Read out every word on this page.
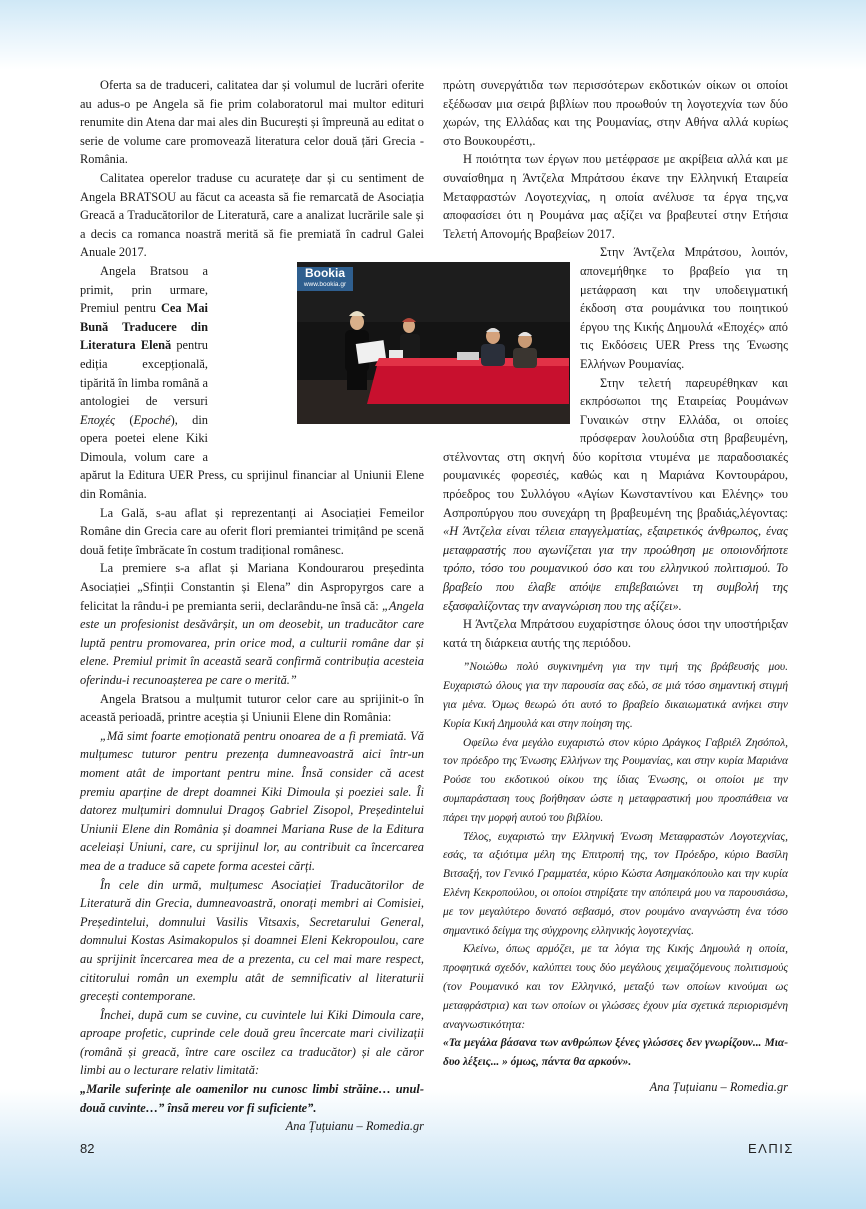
Oferta sa de traduceri, calitatea dar și volumul de lucrări oferite au adus-o pe Angela să fie prim colaboratorul mai multor edituri renumite din Atena dar mai ales din București și împreună au editat o serie de volume care promovează literatura celor două țări Grecia - România.

Calitatea operelor traduse cu acuratețe dar și cu sentiment de Angela BRATSOU au făcut ca aceasta să fie remarcată de Asociația Greacă a Traducătorilor de Literatură, care a analizat lucrările sale și a decis ca romanca noastră merită să fie premiată în cadrul Galei Anuale 2017.

Angela Bratsou a primit, prin urmare, Premiul pentru Cea Mai Bună Traducere din Literatura Elenă pentru ediția excepțională, tipărită în limba română a antologiei de versuri Εποχές (Epoché), din opera poetei elene Kiki Dimoula, volum care a apărut la Editura UER Press, cu sprijinul financiar al Uniunii Elene din România.

La Gală, s-au aflat și reprezentanți ai Asociației Femeilor Române din Grecia care au oferit flori premiantei trimițând pe scenă două fetițe îmbrăcate în costum tradițional românesc.

La premiere s-a aflat și Mariana Kondourarou președinta Asociației „Sfinții Constantin și Elena” din Aspropyrgos care a felicitat la rându-i pe premianta serii, declarându-ne însă că: „Angela este un profesionist desăvârșit, un om deosebit, un traducător care luptă pentru promovarea, prin orice mod, a culturii române dar și elene. Premiul primit în această seară confirmă contribuția acesteia oferindu-i recunoașterea pe care o merită.”

Angela Bratsou a mulțumit tuturor celor care au sprijinit-o în această perioadă, printre aceștia și Uniunii Elene din România:

„Mă simt foarte emoționată pentru onoarea de a fi premiată. Vă mulțumesc tuturor pentru prezența dumneavoastră aici într-un moment atât de important pentru mine. Însă consider că acest premiu aparține de drept doamnei Kiki Dimoula și poeziei sale. Îi datorez mulțumiri domnului Dragoș Gabriel Zisopol, Președintelui Uniunii Elene din România și doamnei Mariana Ruse de la Editura aceleiași Uniuni, care, cu sprijinul lor, au contribuit ca încercarea mea de a traduce să capete forma acestei cărți.

În cele din urmă, mulțumesc Asociației Traducătorilor de Literatură din Grecia, dumneavoastră, onorați membri ai Comisiei, Președintelui, domnului Vasilis Vitsaxis, Secretarului General, domnului Kostas Asimakopulos și doamnei Eleni Kekropoulou, care au sprijinit încercarea mea de a prezenta, cu cel mai mare respect, cititorului român un exemplu atât de semnificativ al literaturii grecești contemporane.

Închei, după cum se cuvine, cu cuvintele lui Kiki Dimoula care, aproape profetic, cuprinde cele două greu încercate mari civilizații (română și greacă, între care oscilez ca traducător) și ale căror limbi au o lecturare relativ limitată:

„Marile suferințe ale oamenilor nu cunosc limbi străine… unul-două cuvinte…” însă mereu vor fi suficiente”.

Ana Țuțuianu – Romedia.gr

πρώτη συνεργάτιδα των περισσότερων εκδοτικών οίκων οι οποίοι εξέδωσαν μια σειρά βιβλίων που προωθούν τη λογοτεχνία των δύο χωρών, της Ελλάδας και της Ρουμανίας, στην Αθήνα αλλά κυρίως στο Βουκουρέστι,.

Η ποιότητα των έργων που μετέφρασε με ακρίβεια αλλά και με συναίσθημα η Άντζελα Μπράτσου έκανε την Ελληνική Εταιρεία Μεταφραστών Λογοτεχνίας, η οποία ανέλυσε τα έργα της,να αποφασίσει ότι η Ρουμάνα μας αξίζει να βραβευτεί στην Ετήσια Τελετή Απονομής Βραβείων 2017.

Στην Άντζελα Μπράτσου, λοιπόν, απονεμήθηκε το βραβείο για τη μετάφραση και την υποδειγματική έκδοση στα ρουμάνικα του ποιητικού έργου της Κικής Δημουλά «Εποχές» από τις Εκδόσεις UER Press της Ένωσης Ελλήνων Ρουμανίας.

Στην τελετή παρευρέθηκαν και εκπρόσωποι της Εταιρείας Ρουμάνων Γυναικών στην Ελλάδα, οι οποίες πρόσφεραν λουλούδια στη βραβευμένη, στέλνοντας στη σκηνή δύο κορίτσια ντυμένα με παραδοσιακές ρουμανικές φορεσιές, καθώς και η Μαριάνα Κοντουράρου, πρόεδρος του Συλλόγου «Αγίων Κωνσταντίνου και Ελένης» του Ασπροπύργου που συνεχάρη τη βραβευμένη της βραδιάς,λέγοντας: «Η Άντζελα είναι τέλεια επαγγελματίας, εξαιρετικός άνθρωπος, ένας μεταφραστής που αγωνίζεται για την προώθηση με οποιονδήποτε τρόπο, τόσο του ρουμανικού όσο και του ελληνικού πολιτισμού. Το βραβείο που έλαβε απόψε επιβεβαιώνει τη συμβολή της εξασφαλίζοντας την αναγνώριση που της αξίζει».

Η Άντζελα Μπράτσου ευχαρίστησε όλους όσοι την υποστήριξαν κατά τη διάρκεια αυτής της περιόδου.

”Νοιώθω πολύ συγκινημένη για την τιμή της βράβευσής μου. Ευχαριστώ όλους για την παρουσία σας εδώ, σε μιά τόσο σημαντική στιγμή για μένα. Όμως θεωρώ ότι αυτό το βραβείο δικαιωματικά ανήκει στην Κυρία Κική Δημουλά και στην ποίηση της.

Οφείλω ένα μεγάλο ευχαριστώ στον κύριο Δράγκος Γαβριέλ Ζησόπολ, τον πρόεδρο της Ένωσης Ελλήνων της Ρουμανίας, και στην κυρία Μαριάνα Ρούσε του εκδοτικού οίκου της ίδιας Ένωσης, οι οποίοι με την συμπαράσταση τους βοήθησαν ώστε η μεταφραστική μου προσπάθεια να πάρει την μορφή αυτού του βιβλίου.

Τέλος, ευχαριστώ την Ελληνική Ένωση Μεταφραστών Λογοτεχνίας, εσάς, τα αξιότιμα μέλη της Επιτροπή της, τον Πρόεδρο, κύριο Βασίλη Βιτσαξή, τον Γενικό Γραμματέα, κύριο Κώστα Ασημακόπουλο και την κυρία Ελένη Κεκροπούλου, οι οποίοι στηρίξατε την απόπειρά μου να παρουσιάσω, με τον μεγαλύτερο δυνατό σεβασμό, στον ρουμάνο αναγνώστη ένα τόσο σημαντικό δείγμα της σύγχρονης ελληνικής λογοτεχνίας.

Κλείνω, όπως αρμόζει, με τα λόγια της Κικής Δημουλά η οποία, προφητικά σχεδόν, καλύπτει τους δύο μεγάλους χειμαζόμενους πολιτισμούς (τον Ρουμανικό και τον Ελληνικό, μεταξύ των οποίων κινούμαι ως μεταφράστρια) και των οποίων οι γλώσσες έχουν μία σχετικά περιορισμένη αναγνωστικότητα:

«Τα μεγάλα βάσανα των ανθρώπων ξένες γλώσσες δεν γνωρίζουν... Μια-δυο λέξεις... » όμως, πάντα θα αρκούν».

Ana Țuțuianu – Romedia.gr

Bookia
www.bookia.gr
82	ΕΛΠΙΣ
